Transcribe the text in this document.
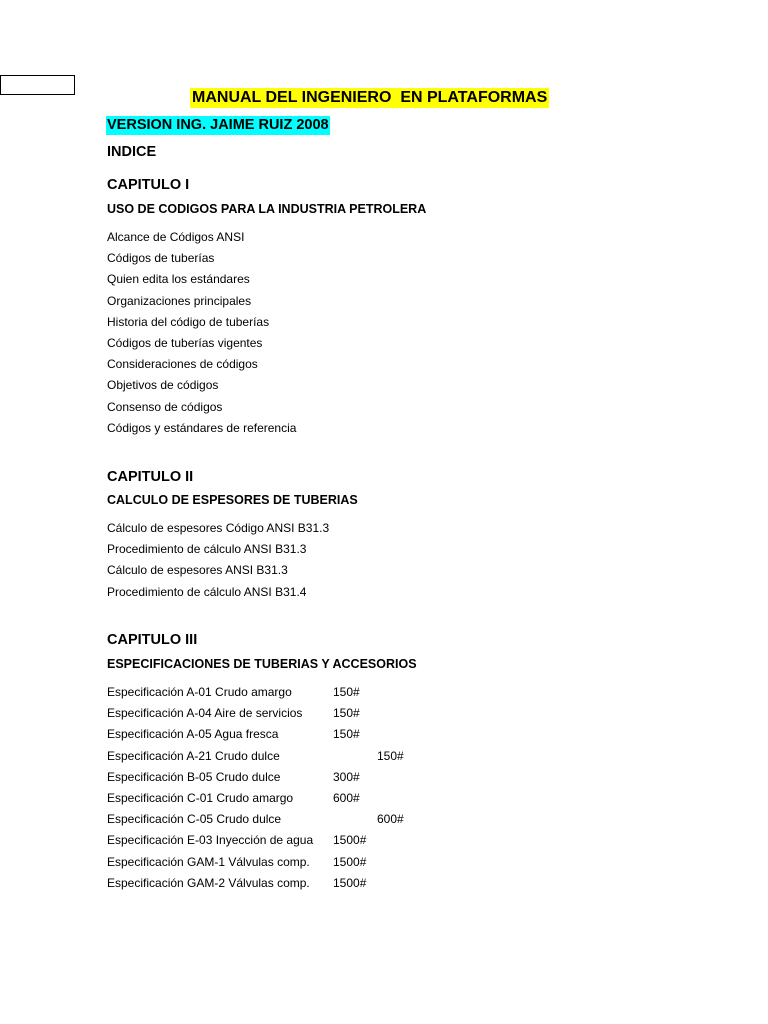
MANUAL DEL INGENIERO  EN PLATAFORMAS
VERSION ING. JAIME RUIZ 2008
INDICE
CAPITULO I
USO DE CODIGOS PARA LA INDUSTRIA PETROLERA
Alcance de Códigos ANSI
Códigos de tuberías
Quien edita los estándares
Organizaciones principales
Historia del código de tuberías
Códigos de tuberías vigentes
Consideraciones de códigos
Objetivos de códigos
Consenso de códigos
Códigos y estándares de referencia
CAPITULO II
CALCULO DE ESPESORES DE TUBERIAS
Cálculo de espesores Código ANSI B31.3
Procedimiento de cálculo ANSI B31.3
Cálculo de espesores ANSI B31.3
Procedimiento de cálculo ANSI B31.4
CAPITULO III
ESPECIFICACIONES DE TUBERIAS Y ACCESORIOS
Especificación A-01 Crudo amargo	150#
Especificación A-04 Aire de servicios	150#
Especificación A-05 Agua fresca	150#
Especificación A-21 Crudo dulce	150#
Especificación B-05 Crudo dulce	300#
Especificación C-01 Crudo amargo	600#
Especificación C-05 Crudo dulce	600#
Especificación E-03 Inyección de agua 1500#
Especificación GAM-1 Válvulas comp. 1500#
Especificación GAM-2 Válvulas comp. 1500#
